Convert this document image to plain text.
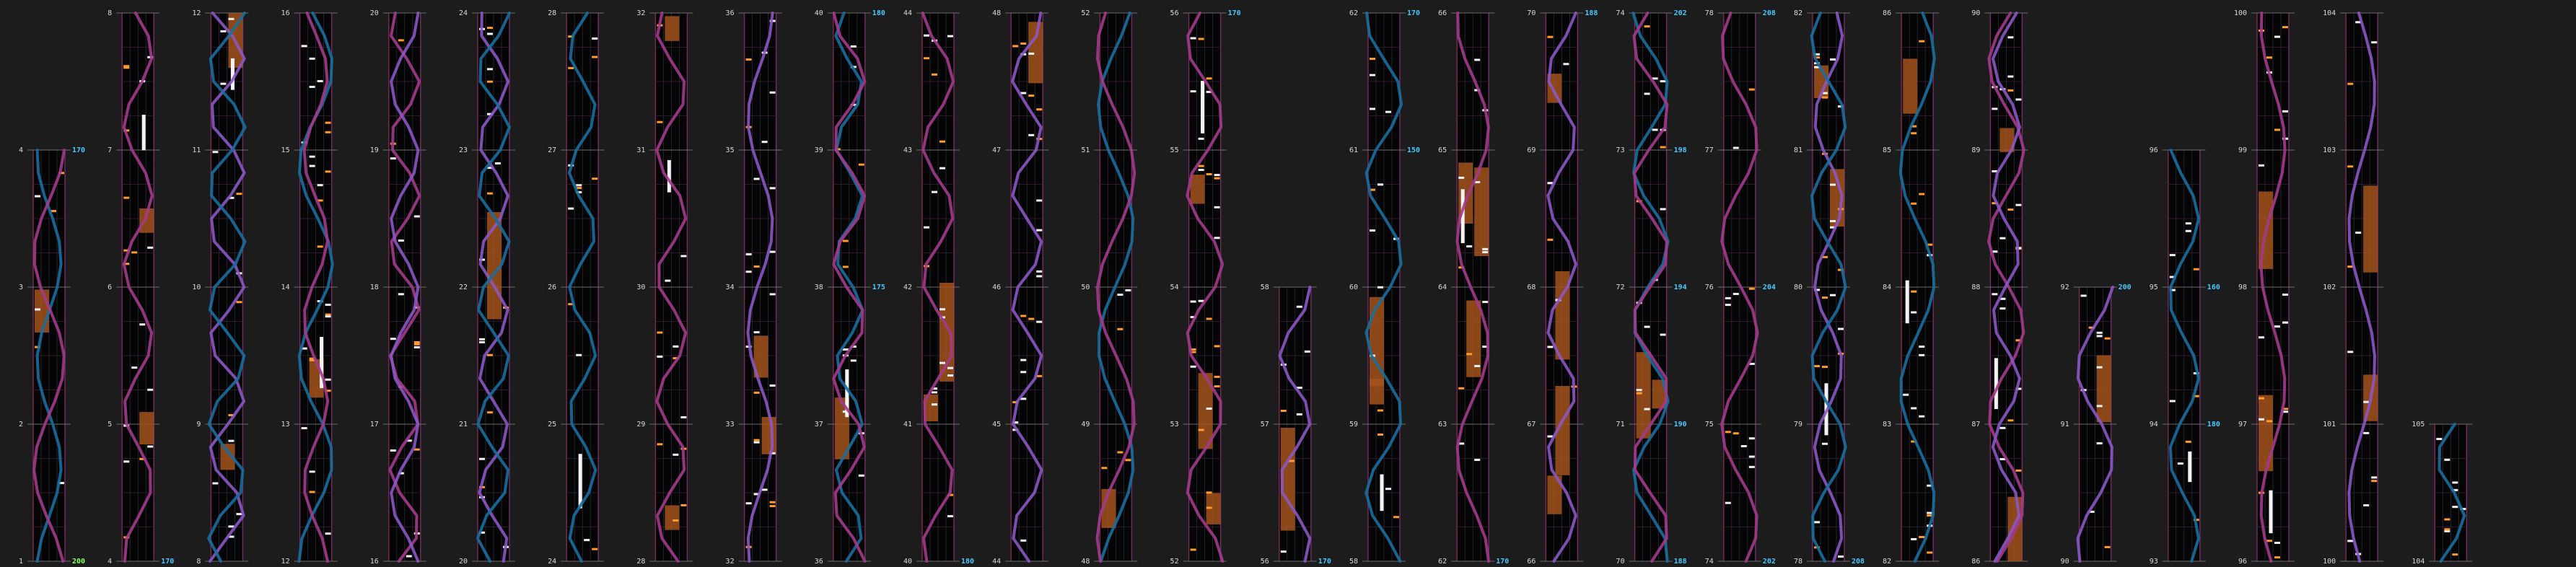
4	170
3
2
1	200
8
7
6
5
4	170
12
11
10
9
8
16
15
14
13
12
20
19
18
17
16
24
23
22
21
20
28
27
26
25
24
32
31
30
29
28
36
35
34
33
32
40	180
39
38	175
37
36
44
43
42
41
40	180
48
47
46
45
44
52
51
50
49
48
56	170
55
54
53
52
58
57
56	170
62	170
61	150
60
59
58
66
65
64
63
62	170
70	188
69
68
67
66
74	202
73	198
72	194
71	190
70	188
78	208
77
76	204
75
74	202
82
81
80
79
78	208
86
85
84
83
82
90
89
88
87
86
92	200
91
90
96
95	160
94	180
93
100
99
98
97
96
104
103
102
101
100
105
104
